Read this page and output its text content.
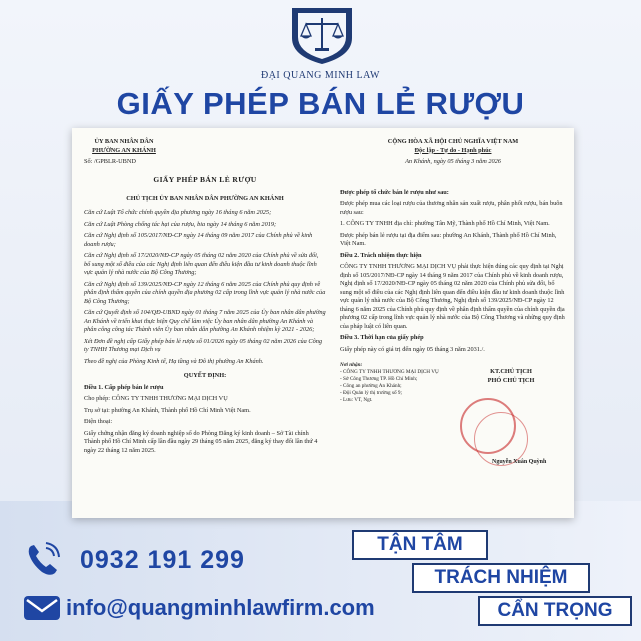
ĐẠI QUANG MINH LAW
GIẤY PHÉP BÁN LẺ RƯỢU
ỦY BAN NHÂN DÂN
PHƯỜNG AN KHÁNH
Số: /GPBLR-UBND
GIẤY PHÉP BÁN LẺ RƯỢU
CHỦ TỊCH ỦY BAN NHÂN DÂN PHƯỜNG AN KHÁNH
Căn cứ Luật Tổ chức chính quyền địa phương ngày 16 tháng 6 năm 2025;
Căn cứ Luật Phòng chống tác hại của rượu, bia ngày 14 tháng 6 năm 2019;
Căn cứ Nghị định số 105/2017/NĐ-CP ngày 14 tháng 09 năm 2017 của Chính phủ về kinh doanh rượu;
Căn cứ Nghị định số 17/2020/NĐ-CP ngày 05 tháng 02 năm 2020 của Chính phủ về sửa đổi, bổ sung một số điều của các Nghị định liên quan đến điều kiện đầu tư kinh doanh thuộc lĩnh vực quản lý nhà nước của Bộ Công Thương;
Căn cứ Nghị định số 139/2025/NĐ-CP ngày 12 tháng 6 năm 2025 của Chính phủ quy định về phân định thẩm quyền của chính quyền địa phương 02 cấp trong lĩnh vực quản lý nhà nước của Bộ Công Thương;
Căn cứ Quyết định số 104/QĐ-UBND ngày 01 tháng 7 năm 2025 của Ủy ban nhân dân phường An Khánh về triển khai thực hiện Quy chế làm việc Ủy ban nhân dân phường An Khánh và phân công công tác Thành viên Ủy ban nhân dân phường An Khánh nhiệm kỳ 2021 - 2026;
Xét Đơn đề nghị cấp Giấy phép bán lẻ rượu số 01/2026 ngày 05 tháng 02 năm 2026 của Công ty TNHH Thương mại Dịch vụ
Theo đề nghị của Phòng Kinh tế, Hạ tầng và Đô thị phường An Khánh.
QUYẾT ĐỊNH:
Điều 1. Cấp phép bán lẻ rượu
Cho phép: CÔNG TY TNHH THƯƠNG MẠI DỊCH VỤ
Trụ sở tại: phường An Khánh, Thành phố Hồ Chí Minh Việt Nam.
Điện thoại:
Giấy chứng nhận đăng ký doanh nghiệp số do Phòng Đăng ký kinh doanh – Sở Tài chính Thành phố Hồ Chí Minh cấp lần đầu ngày 29 tháng 05 năm 2025, đăng ký thay đổi lần thứ 4 ngày 22 tháng 12 năm 2025.
CỘNG HÒA XÃ HỘI CHỦ NGHĨA VIỆT NAM
Độc lập - Tự do - Hạnh phúc
An Khánh, ngày 05 tháng 3 năm 2026
Được phép tổ chức bán lẻ rượu như sau:
Được phép mua các loại rượu của thương nhân sản xuất rượu, phân phối rượu, bán buôn rượu sau:
1. CÔNG TY TNHH địa chỉ: phường Tân Mỹ, Thành phố Hồ Chí Minh, Việt Nam.
Được phép bán lẻ rượu tại địa điểm sau: phường An Khánh, Thành phố Hồ Chí Minh, Việt Nam.
Điều 2. Trách nhiệm thực hiện
CÔNG TY TNHH THƯƠNG MẠI DỊCH VỤ phải thực hiện đúng các quy định tại Nghị định số 105/2017/NĐ-CP ngày 14 tháng 9 năm 2017 của Chính phủ về kinh doanh rượu, Nghị định số 17/2020/NĐ-CP ngày 05 tháng 02 năm 2020 của Chính phủ sửa đổi, bổ sung một số điều của các Nghị định liên quan đến điều kiện đầu tư kinh doanh thuộc lĩnh vực quản lý nhà nước của Bộ Công Thương, Nghị định số 139/2025/NĐ-CP ngày 12 tháng 6 năm 2025 của Chính phủ quy định về phân định thẩm quyền của chính quyền địa phương 02 cấp trong lĩnh vực quản lý nhà nước của Bộ Công Thương và những quy định của pháp luật có liên quan.
Điều 3. Thời hạn của giấy phép
Giấy phép này có giá trị đến ngày 05 tháng 3 năm 2031./.
Nơi nhận:
- CÔNG TY TNHH THƯƠNG MẠI DỊCH VỤ
- Sở Công Thương TP. Hồ Chí Minh;
- Công an phường An Khánh;
- Đội Quản lý thị trường số 9;
- Lưu: VT, Ngt.
KT.CHỦ TỊCH
PHÓ CHỦ TỊCH
Nguyễn Xuân Quỳnh
0932 191 299
info@quangminhlawfirm.com
TẬN TÂM
TRÁCH NHIỆM
CẨN TRỌNG
